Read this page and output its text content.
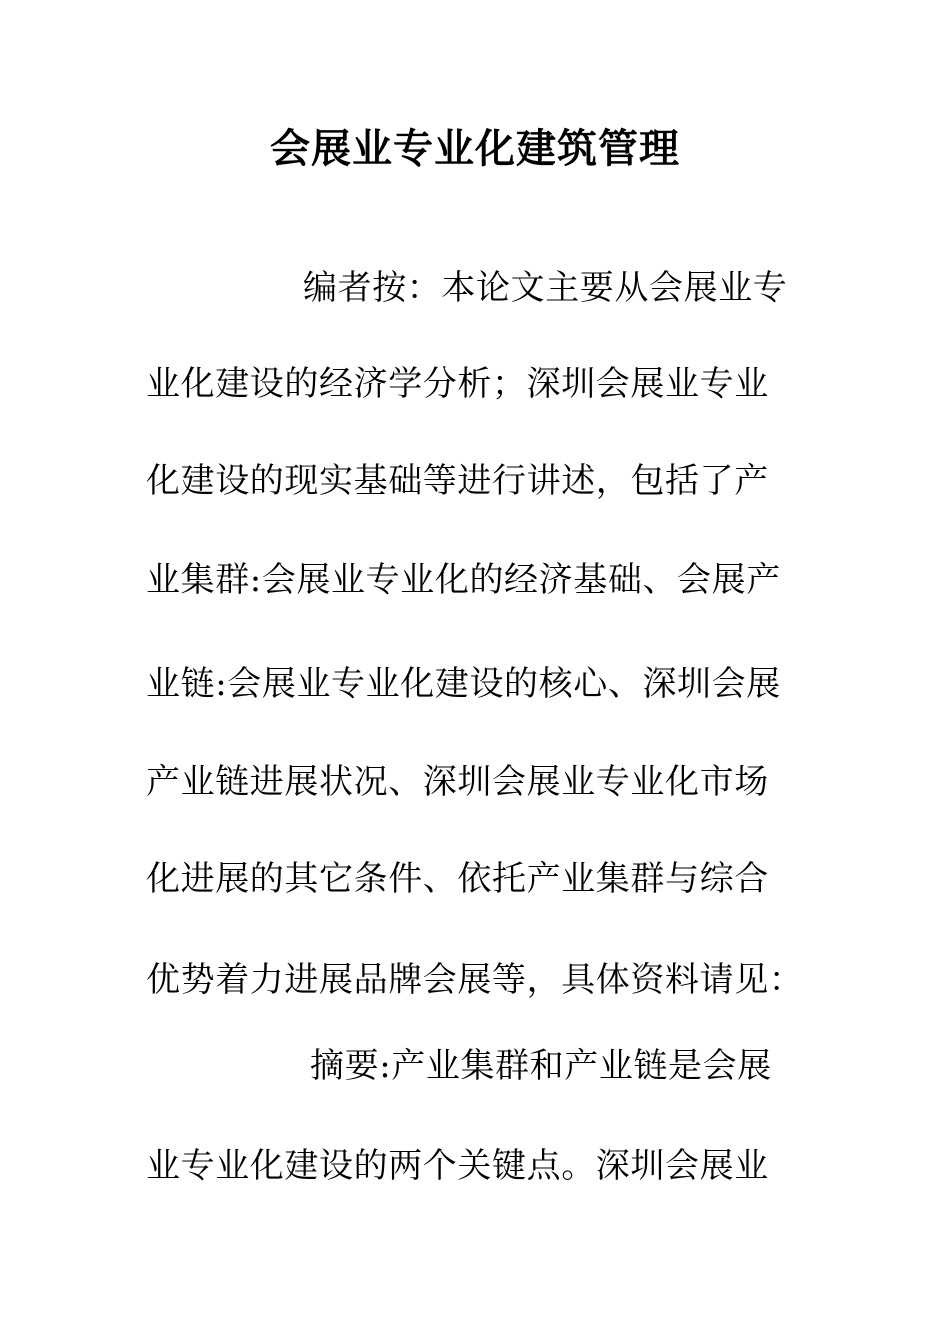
会展业专业化建筑管理
编者按：本论文主要从会展业专
业化建设的经济学分析；深圳会展业专业
化建设的现实基础等进行讲述，包括了产
业集群:会展业专业化的经济基础、会展产
业链:会展业专业化建设的核心、深圳会展
产业链进展状况、深圳会展业专业化市场
化进展的其它条件、依托产业集群与综合
优势着力进展品牌会展等，具体资料请见：
摘要:产业集群和产业链是会展
业专业化建设的两个关键点。深圳会展业
